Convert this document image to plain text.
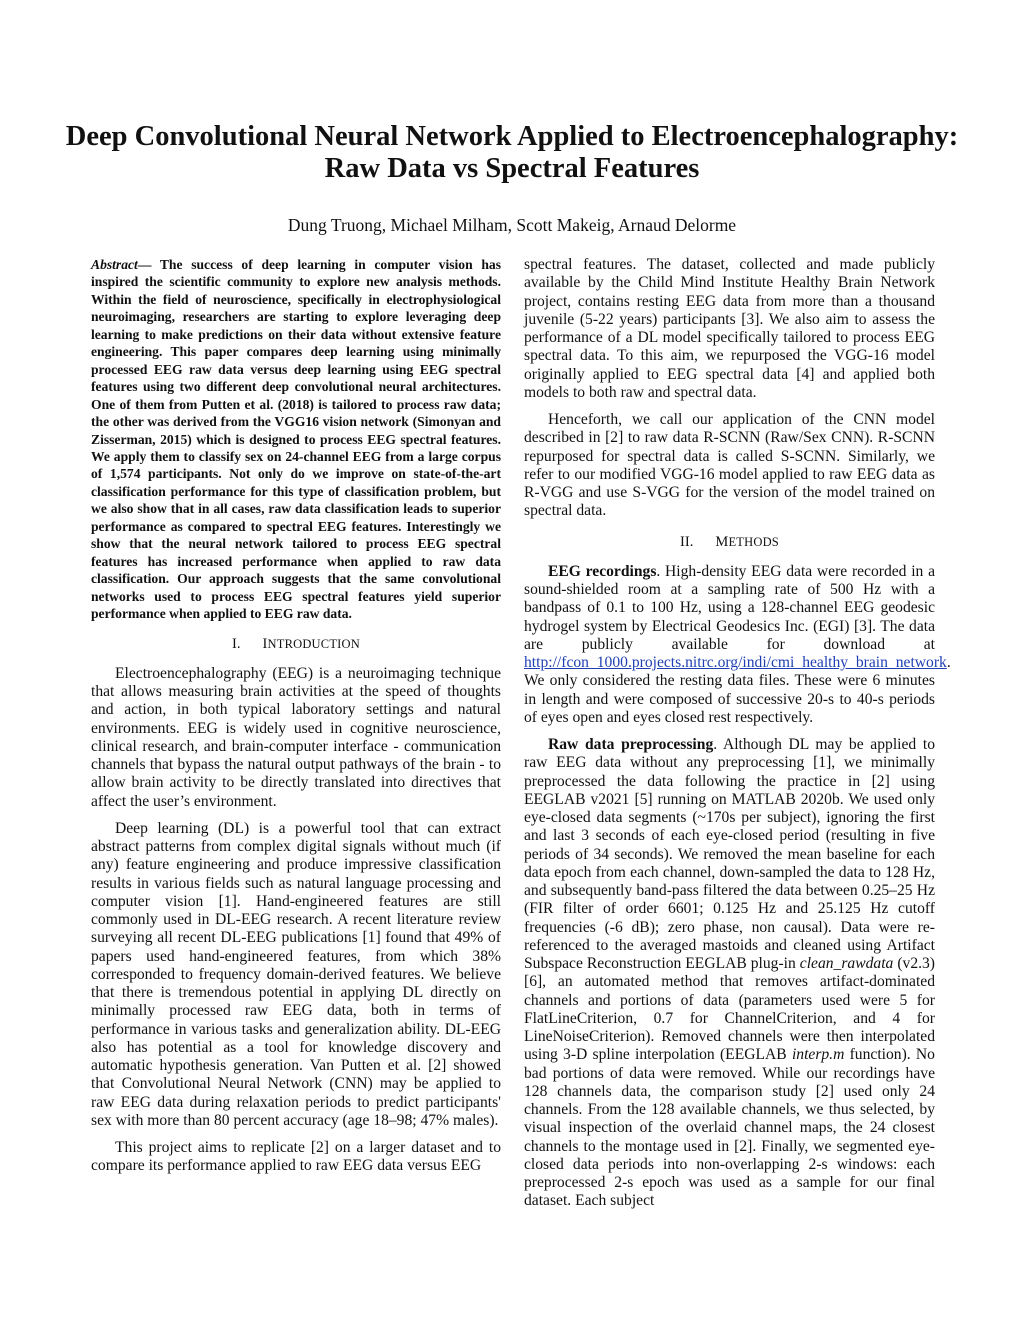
Deep Convolutional Neural Network Applied to Electroencephalography:
Raw Data vs Spectral Features
Dung Truong, Michael Milham, Scott Makeig, Arnaud Delorme

Abstract— The success of deep learning in computer vision has inspired the scientific community to explore new analysis methods. Within the field of neuroscience, specifically in electrophysiological neuroimaging, researchers are starting to explore leveraging deep learning to make predictions on their data without extensive feature engineering. This paper compares deep learning using minimally processed EEG raw data versus deep learning using EEG spectral features using two different deep convolutional neural architectures. One of them from Putten et al. (2018) is tailored to process raw data; the other was derived from the VGG16 vision network (Simonyan and Zisserman, 2015) which is designed to process EEG spectral features. We apply them to classify sex on 24-channel EEG from a large corpus of 1,574 participants. Not only do we improve on state-of-the-art classification performance for this type of classification problem, but we also show that in all cases, raw data classification leads to superior performance as compared to spectral EEG features. Interestingly we show that the neural network tailored to process EEG spectral features has increased performance when applied to raw data classification. Our approach suggests that the same convolutional networks used to process EEG spectral features yield superior performance when applied to EEG raw data.

I. INTRODUCTION

Electroencephalography (EEG) is a neuroimaging technique that allows measuring brain activities at the speed of thoughts and action, in both typical laboratory settings and natural environments. EEG is widely used in cognitive neuroscience, clinical research, and brain-computer interface - communication channels that bypass the natural output pathways of the brain - to allow brain activity to be directly translated into directives that affect the user’s environment.

Deep learning (DL) is a powerful tool that can extract abstract patterns from complex digital signals without much (if any) feature engineering and produce impressive classification results in various fields such as natural language processing and computer vision [1]. Hand-engineered features are still commonly used in DL-EEG research. A recent literature review surveying all recent DL-EEG publications [1] found that 49% of papers used hand-engineered features, from which 38% corresponded to frequency domain-derived features. We believe that there is tremendous potential in applying DL directly on minimally processed raw EEG data, both in terms of performance in various tasks and generalization ability. DL-EEG also has potential as a tool for knowledge discovery and automatic hypothesis generation. Van Putten et al. [2] showed that Convolutional Neural Network (CNN) may be applied to raw EEG data during relaxation periods to predict participants' sex with more than 80 percent accuracy (age 18–98; 47% males).

This project aims to replicate [2] on a larger dataset and to compare its performance applied to raw EEG data versus EEG

spectral features. The dataset, collected and made publicly available by the Child Mind Institute Healthy Brain Network project, contains resting EEG data from more than a thousand juvenile (5-22 years) participants [3]. We also aim to assess the performance of a DL model specifically tailored to process EEG spectral data. To this aim, we repurposed the VGG-16 model originally applied to EEG spectral data [4] and applied both models to both raw and spectral data.

Henceforth, we call our application of the CNN model described in [2] to raw data R-SCNN (Raw/Sex CNN). R-SCNN repurposed for spectral data is called S-SCNN. Similarly, we refer to our modified VGG-16 model applied to raw EEG data as R-VGG and use S-VGG for the version of the model trained on spectral data.

II. METHODS

EEG recordings. High-density EEG data were recorded in a sound-shielded room at a sampling rate of 500 Hz with a bandpass of 0.1 to 100 Hz, using a 128-channel EEG geodesic hydrogel system by Electrical Geodesics Inc. (EGI) [3]. The data are publicly available for download at http://fcon_1000.projects.nitrc.org/indi/cmi_healthy_brain_network. We only considered the resting data files. These were 6 minutes in length and were composed of successive 20-s to 40-s periods of eyes open and eyes closed rest respectively.

Raw data preprocessing. Although DL may be applied to raw EEG data without any preprocessing [1], we minimally preprocessed the data following the practice in [2] using EEGLAB v2021 [5] running on MATLAB 2020b. We used only eye-closed data segments (~170s per subject), ignoring the first and last 3 seconds of each eye-closed period (resulting in five periods of 34 seconds). We removed the mean baseline for each data epoch from each channel, down-sampled the data to 128 Hz, and subsequently band-pass filtered the data between 0.25–25 Hz (FIR filter of order 6601; 0.125 Hz and 25.125 Hz cutoff frequencies (-6 dB); zero phase, non causal). Data were re-referenced to the averaged mastoids and cleaned using Artifact Subspace Reconstruction EEGLAB plug-in clean_rawdata (v2.3) [6], an automated method that removes artifact-dominated channels and portions of data (parameters used were 5 for FlatLineCriterion, 0.7 for ChannelCriterion, and 4 for LineNoiseCriterion). Removed channels were then interpolated using 3-D spline interpolation (EEGLAB interp.m function). No bad portions of data were removed. While our recordings have 128 channels data, the comparison study [2] used only 24 channels. From the 128 available channels, we thus selected, by visual inspection of the overlaid channel maps, the 24 closest channels to the montage used in [2]. Finally, we segmented eye-closed data periods into non-overlapping 2-s windows: each preprocessed 2-s epoch was used as a sample for our final dataset. Each subject
